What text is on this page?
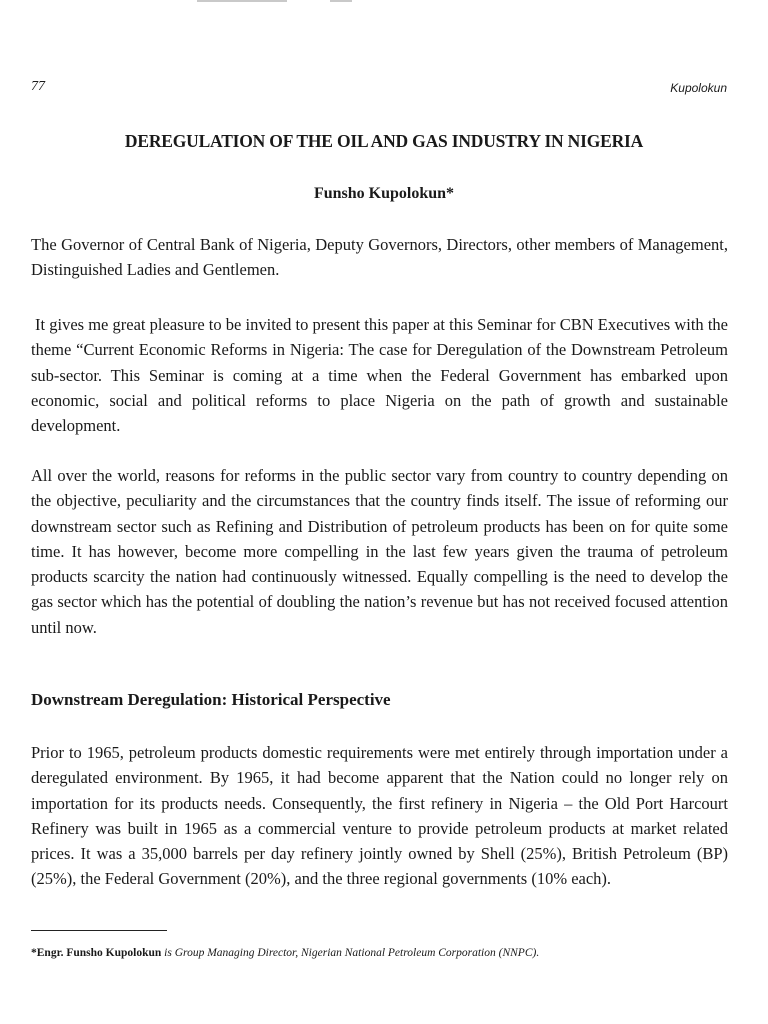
77	Kupolokun
DEREGULATION OF THE OIL AND GAS INDUSTRY IN NIGERIA
Funsho Kupolokun*

The Governor of Central Bank of Nigeria, Deputy Governors, Directors, other members of Management, Distinguished Ladies and Gentlemen.

It gives me great pleasure to be invited to present this paper at this Seminar for CBN Executives with the theme “Current Economic Reforms in Nigeria: The case for Deregulation of the Downstream Petroleum sub-sector. This Seminar is coming at a time when the Federal Government has embarked upon economic, social and political reforms to place Nigeria on the path of growth and sustainable development.

All over the world, reasons for reforms in the public sector vary from country to country depending on the objective, peculiarity and the circumstances that the country finds itself. The issue of reforming our downstream sector such as Refining and Distribution of petroleum products has been on for quite some time. It has however, become more compelling in the last few years given the trauma of petroleum products scarcity the nation had continuously witnessed. Equally compelling is the need to develop the gas sector which has the potential of doubling the nation’s revenue but has not received focused attention until now.

Downstream Deregulation: Historical Perspective

Prior to 1965, petroleum products domestic requirements were met entirely through importation under a deregulated environment. By 1965, it had become apparent that the Nation could no longer rely on importation for its products needs. Consequently, the first refinery in Nigeria – the Old Port Harcourt Refinery was built in 1965 as a commercial venture to provide petroleum products at market related prices. It was a 35,000 barrels per day refinery jointly owned by Shell (25%), British Petroleum (BP) (25%), the Federal Government (20%), and the three regional governments (10% each).

*Engr. Funsho Kupolokun is Group Managing Director, Nigerian National Petroleum Corporation (NNPC).
